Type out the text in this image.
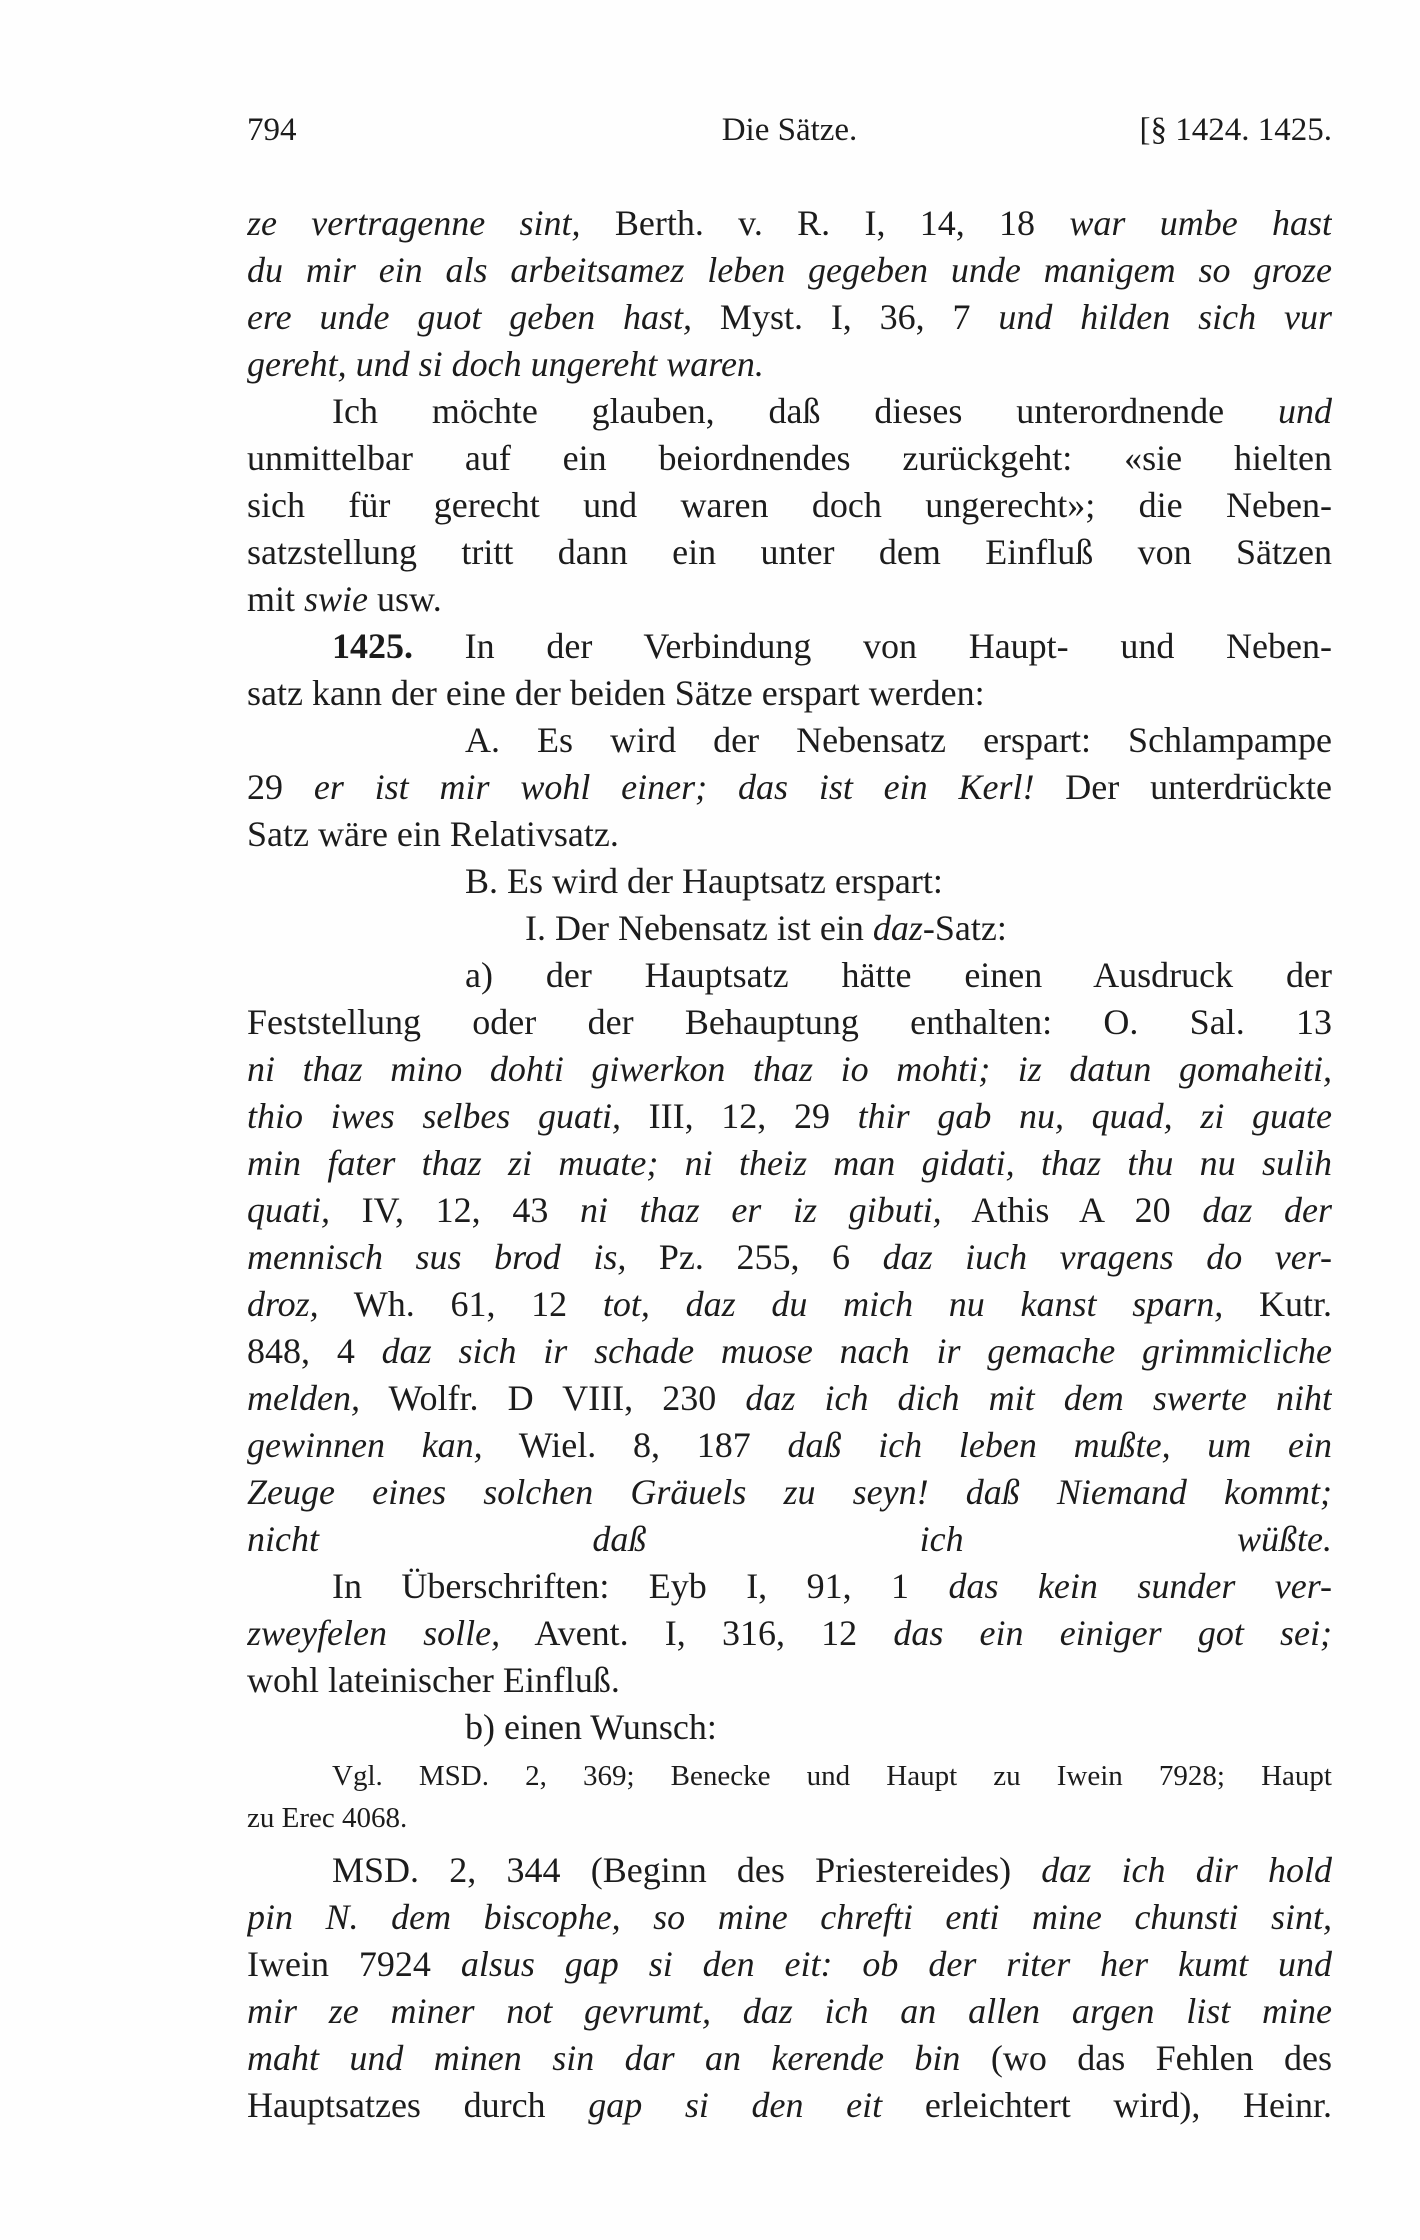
794	Die Sätze.	[§ 1424. 1425.
ze vertragenne sint, Berth. v. R. I, 14, 18 war umbe hast
du mir ein als arbeitsamez leben gegeben unde manigem so groze
ere unde guot geben hast, Myst. I, 36, 7 und hilden sich vur
gereht, und si doch ungereht waren.
Ich möchte glauben, daß dieses unterordnende und
unmittelbar auf ein beiordnendes zurückgeht: «sie hielten
sich für gerecht und waren doch ungerecht»; die Neben-
satzstellung tritt dann ein unter dem Einfluß von Sätzen
mit swie usw.
1425. In der Verbindung von Haupt- und Neben-
satz kann der eine der beiden Sätze erspart werden:
A. Es wird der Nebensatz erspart: Schlampampe
29 er ist mir wohl einer; das ist ein Kerl! Der unterdrückte
Satz wäre ein Relativsatz.
B. Es wird der Hauptsatz erspart:
I. Der Nebensatz ist ein daz-Satz:
a) der Hauptsatz hätte einen Ausdruck der
Feststellung oder der Behauptung enthalten: O. Sal. 13
ni thaz mino dohti giwerkon thaz io mohti; iz datun gomaheiti,
thio iwes selbes guati, III, 12, 29 thir gab nu, quad, zi guate
min fater thaz zi muate; ni theiz man gidati, thaz thu nu sulih
quati, IV, 12, 43 ni thaz er iz gibuti, Athis A 20 daz der
mennisch sus brod is, Pz. 255, 6 daz iuch vragens do ver-
droz, Wh. 61, 12 tot, daz du mich nu kanst sparn, Kutr.
848, 4 daz sich ir schade muose nach ir gemache grimmicliche
melden, Wolfr. D VIII, 230 daz ich dich mit dem swerte niht
gewinnen kan, Wiel. 8, 187 daß ich leben mußte, um ein
Zeuge eines solchen Gräuels zu seyn! daß Niemand kommt;
nicht daß ich wüßte.
In Überschriften: Eyb I, 91, 1 das kein sunder ver-
zweyfelen solle, Avent. I, 316, 12 das ein einiger got sei;
wohl lateinischer Einfluß.
b) einen Wunsch:
Vgl. MSD. 2, 369; Benecke und Haupt zu Iwein 7928; Haupt
zu Erec 4068.
MSD. 2, 344 (Beginn des Priestereides) daz ich dir hold
pin N. dem biscophe, so mine chrefti enti mine chunsti sint,
Iwein 7924 alsus gap si den eit: ob der riter her kumt und
mir ze miner not gevrumt, daz ich an allen argen list mine
maht und minen sin dar an kerende bin (wo das Fehlen des
Hauptsatzes durch gap si den eit erleichtert wird), Heinr.
